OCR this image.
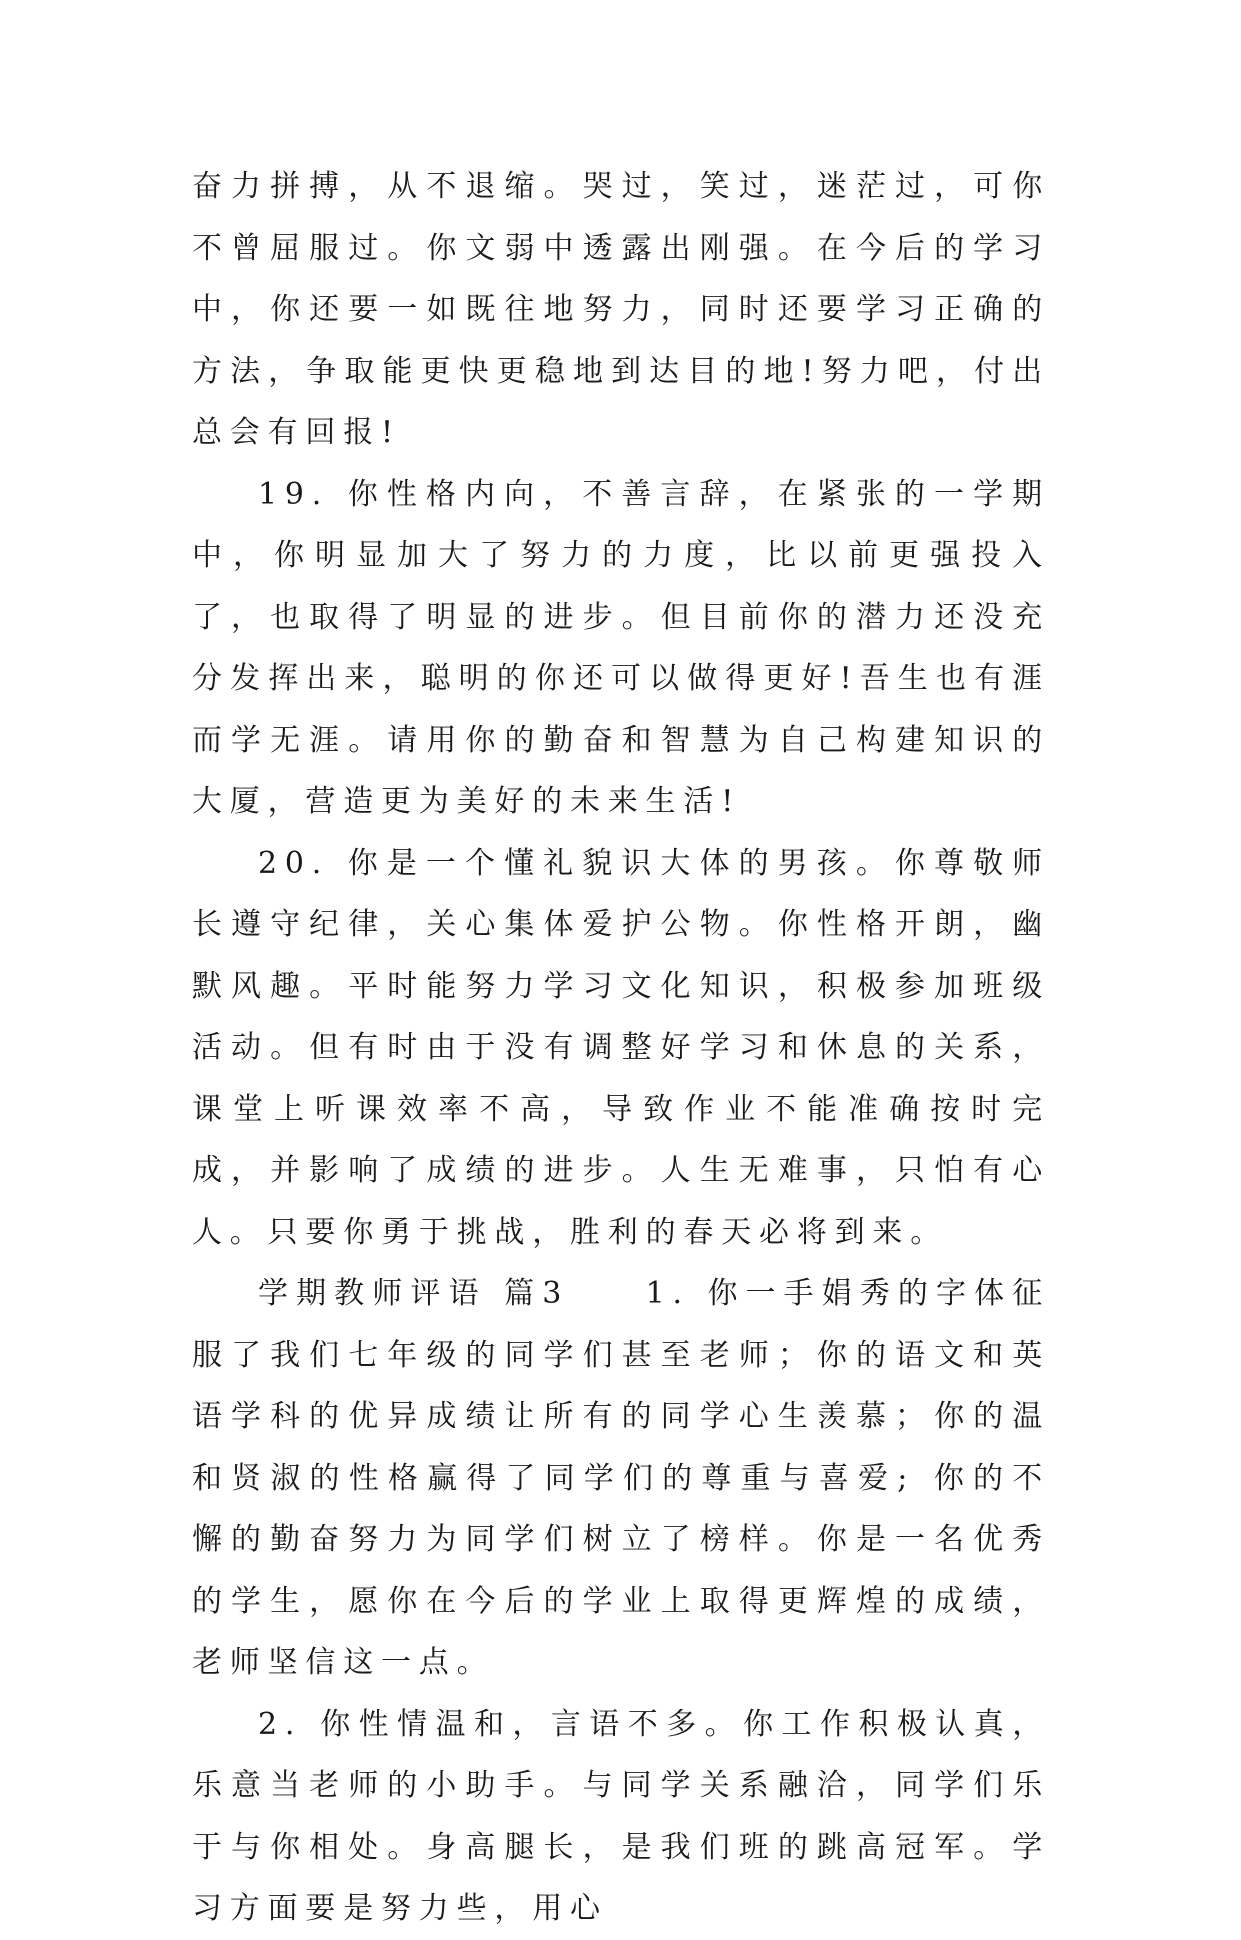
奋力拼搏，从不退缩。哭过，笑过，迷茫过，可你不曾屈服过。你文弱中透露出刚强。在今后的学习中，你还要一如既往地努力，同时还要学习正确的方法，争取能更快更稳地到达目的地!努力吧，付出总会有回报!

19. 你性格内向，不善言辞，在紧张的一学期中，你明显加大了努力的力度，比以前更强投入了，也取得了明显的进步。但目前你的潜力还没充分发挥出来，聪明的你还可以做得更好!吾生也有涯而学无涯。请用你的勤奋和智慧为自己构建知识的大厦，营造更为美好的未来生活!

20. 你是一个懂礼貌识大体的男孩。你尊敬师长遵守纪律，关心集体爱护公物。你性格开朗，幽默风趣。平时能努力学习文化知识，积极参加班级活动。但有时由于没有调整好学习和休息的关系，课堂上听课效率不高，导致作业不能准确按时完成，并影响了成绩的进步。人生无难事，只怕有心人。只要你勇于挑战，胜利的春天必将到来。

学期教师评语 篇3　　1. 你一手娟秀的字体征服了我们七年级的同学们甚至老师；你的语文和英语学科的优异成绩让所有的同学心生羡慕；你的温和贤淑的性格赢得了同学们的尊重与喜爱; 你的不懈的勤奋努力为同学们树立了榜样。你是一名优秀的学生，愿你在今后的学业上取得更辉煌的成绩，老师坚信这一点。

2. 你性情温和，言语不多。你工作积极认真，乐意当老师的小助手。与同学关系融洽，同学们乐于与你相处。身高腿长，是我们班的跳高冠军。学习方面要是努力些，用心
